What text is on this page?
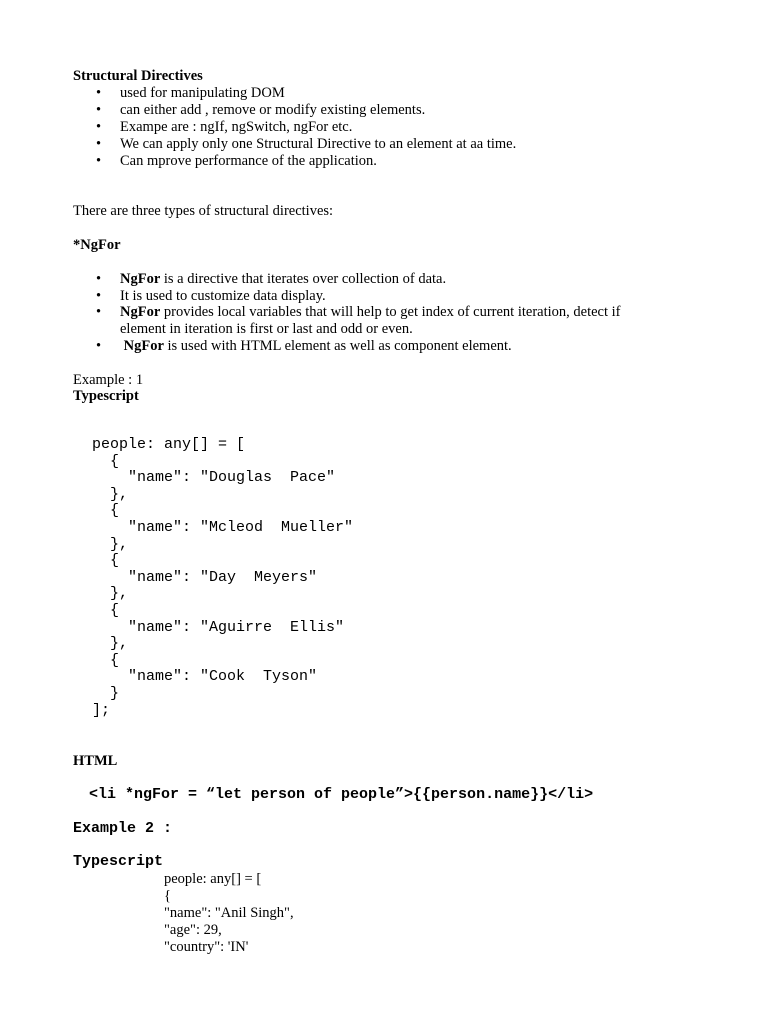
Structural Directives
• used for manipulating DOM
• can either add , remove or modify existing elements.
• Exampe are : ngIf, ngSwitch, ngFor etc.
• We can apply only one Structural Directive to an element at aa time.
• Can mprove performance of the application.
There are three types of structural directives:
*NgFor
• NgFor is a directive that iterates over collection of data.
• It is used to customize data display.
• NgFor provides local variables that will help to get index of current iteration, detect if
element in iteration is first or last and odd or even.
• NgFor is used with HTML element as well as component element.
Example : 1
Typescript
people: any[] = [
{
"name": "Douglas  Pace"
},
{
"name": "Mcleod  Mueller"
},
{
"name": "Day  Meyers"
},
{
"name": "Aguirre  Ellis"
},
{
"name": "Cook  Tyson"
}
];
HTML
<li *ngFor = “let person of people”>{{person.name}}</li>
Example 2 :
Typescript
people: any[] = [
{
"name": "Anil Singh",
"age": 29,
"country": 'IN'
